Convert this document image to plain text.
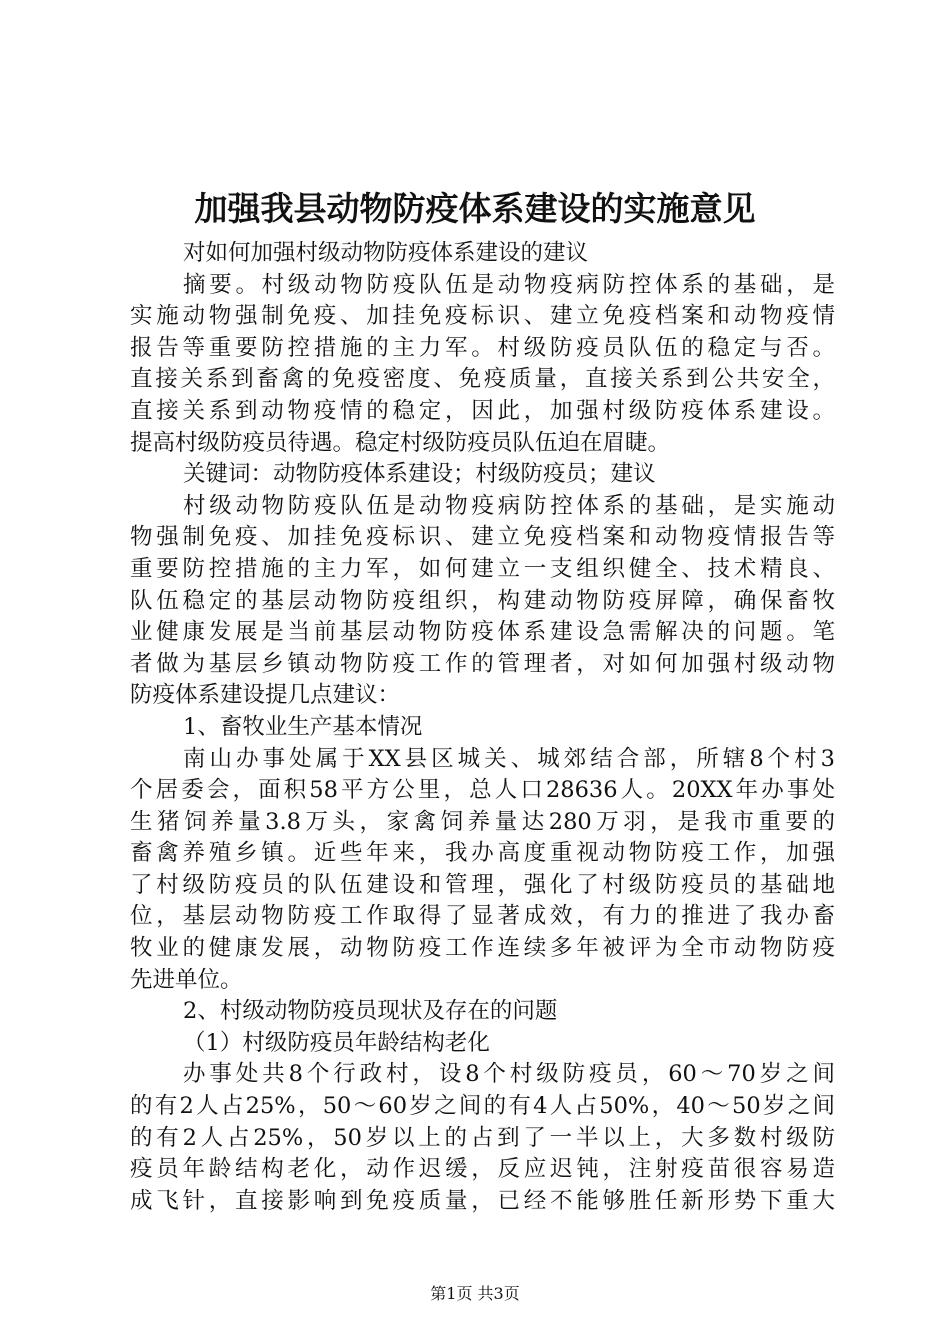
加强我县动物防疫体系建设的实施意见
对如何加强村级动物防疫体系建设的建议
摘要。村级动物防疫队伍是动物疫病防控体系的基础，是
实施动物强制免疫、加挂免疫标识、建立免疫档案和动物疫情
报告等重要防控措施的主力军。村级防疫员队伍的稳定与否。
直接关系到畜禽的免疫密度、免疫质量，直接关系到公共安全，
直接关系到动物疫情的稳定，因此，加强村级防疫体系建设。
提高村级防疫员待遇。稳定村级防疫员队伍迫在眉睫。
关键词：动物防疫体系建设；村级防疫员；建议
村级动物防疫队伍是动物疫病防控体系的基础，是实施动
物强制免疫、加挂免疫标识、建立免疫档案和动物疫情报告等
重要防控措施的主力军，如何建立一支组织健全、技术精良、
队伍稳定的基层动物防疫组织，构建动物防疫屏障，确保畜牧
业健康发展是当前基层动物防疫体系建设急需解决的问题。笔
者做为基层乡镇动物防疫工作的管理者，对如何加强村级动物
防疫体系建设提几点建议：
1、畜牧业生产基本情况
南山办事处属于XX县区城关、城郊结合部，所辖8个村3
个居委会，面积58平方公里，总人口28636人。20XX年办事处
生猪饲养量3.8万头，家禽饲养量达280万羽，是我市重要的
畜禽养殖乡镇。近些年来，我办高度重视动物防疫工作，加强
了村级防疫员的队伍建设和管理，强化了村级防疫员的基础地
位，基层动物防疫工作取得了显著成效，有力的推进了我办畜
牧业的健康发展，动物防疫工作连续多年被评为全市动物防疫
先进单位。
2、村级动物防疫员现状及存在的问题
（1）村级防疫员年龄结构老化
办事处共8个行政村，设8个村级防疫员，60～70岁之间
的有2人占25%，50～60岁之间的有4人占50%，40～50岁之间
的有2人占25%，50岁以上的占到了一半以上，大多数村级防
疫员年龄结构老化，动作迟缓，反应迟钝，注射疫苗很容易造
成飞针，直接影响到免疫质量，已经不能够胜任新形势下重大
第1页 共3页
